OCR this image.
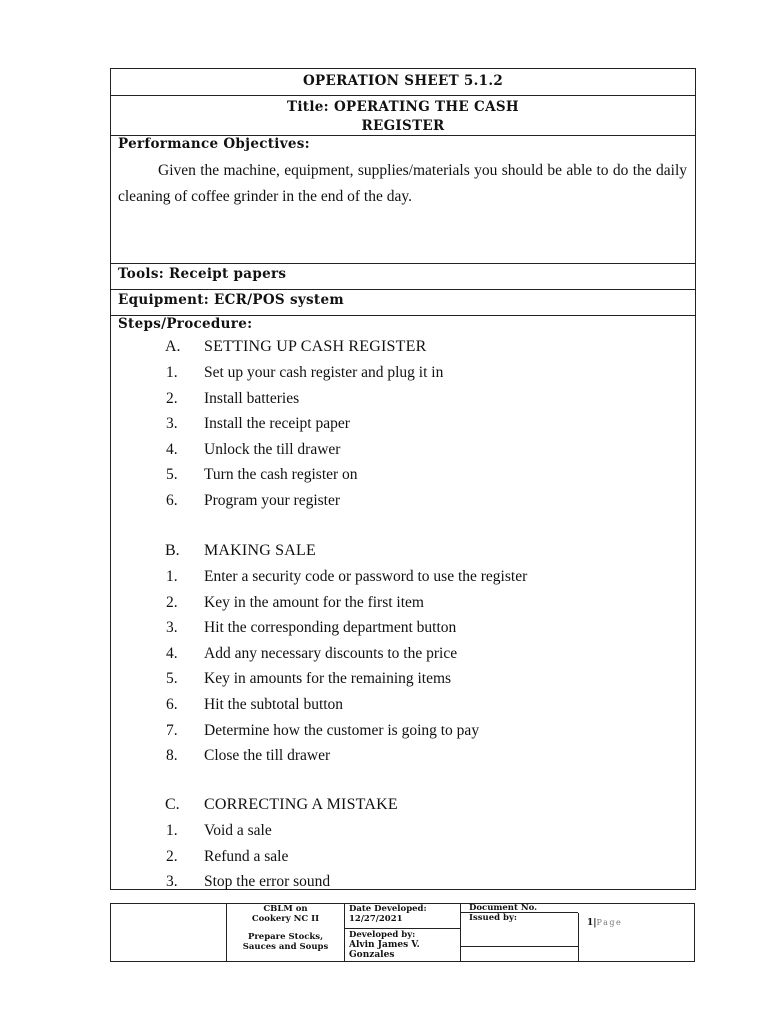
OPERATION SHEET 5.1.2
Title: OPERATING THE CASH
REGISTER
Performance Objectives:
Given the machine, equipment, supplies/materials you should be able to do the daily cleaning of coffee grinder in the end of the day.
Tools: Receipt papers
Equipment: ECR/POS system
Steps/Procedure:
A. SETTING UP CASH REGISTER
1. Set up your cash register and plug it in
2. Install batteries
3. Install the receipt paper
4. Unlock the till drawer
5. Turn the cash register on
6. Program your register
B. MAKING SALE
1. Enter a security code or password to use the register
2. Key in the amount for the first item
3. Hit the corresponding department button
4. Add any necessary discounts to the price
5. Key in amounts for the remaining items
6. Hit the subtotal button
7. Determine how the customer is going to pay
8. Close the till drawer
C. CORRECTING A MISTAKE
1. Void a sale
2. Refund a sale
3. Stop the error sound
CBLM on
Cookery NC II
Prepare Stocks,
Sauces and Soups
Date Developed:
12/27/2021
Developed by:
Alvin James V.
Gonzales
Document No.
Issued by:	1|Page
